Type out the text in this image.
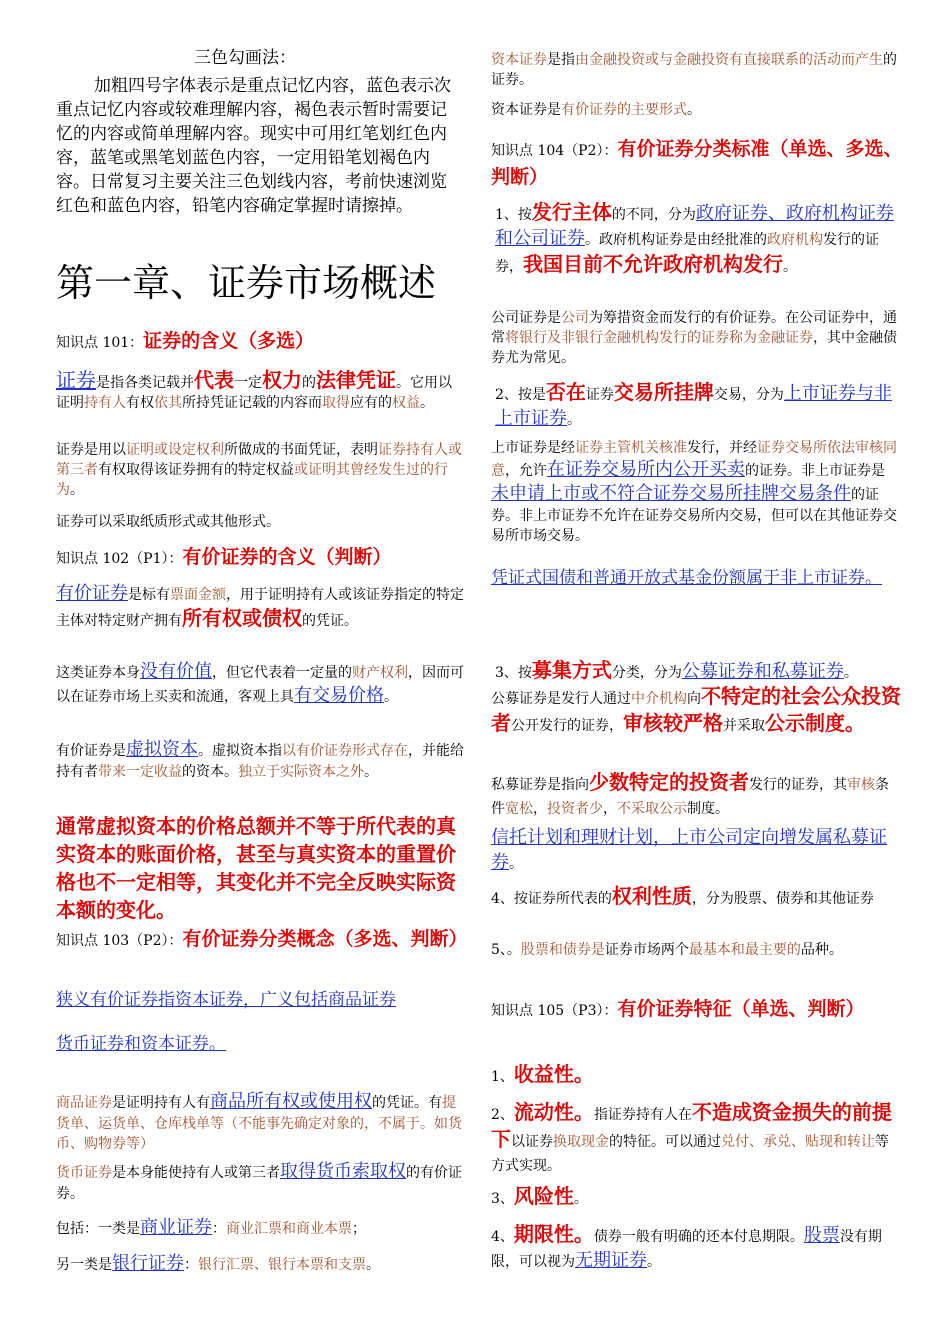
三色勾画法：

加粗四号字体表示是重点记忆内容，蓝色表示次重点记忆内容或较难理解内容，褐色表示暂时需要记忆的内容或简单理解内容。现实中可用红笔划红色内容，蓝笔或黑笔划蓝色内容，一定用铅笔划褐色内容。日常复习主要关注三色划线内容，考前快速浏览红色和蓝色内容，铅笔内容确定掌握时请擦掉。

第一章、证券市场概述

知识点 101：证券的含义（多选）

证券是指各类记载并代表一定权力的法律凭证。它用以证明持有人有权依其所持凭证记载的内容而取得应有的权益。

证券是用以证明或设定权利所做成的书面凭证，表明证券持有人或第三者有权取得该证券拥有的特定权益或证明其曾经发生过的行为。

证券可以采取纸质形式或其他形式。

知识点 102（P1）：有价证券的含义（判断）

有价证券是标有票面金额，用于证明持有人或该证券指定的特定主体对特定财产拥有所有权或债权的凭证。

这类证券本身没有价值，但它代表着一定量的财产权利，因而可以在证券市场上买卖和流通，客观上具有交易价格。

有价证券是虚拟资本。虚拟资本指以有价证券形式存在，并能给持有者带来一定收益的资本。独立于实际资本之外。

通常虚拟资本的价格总额并不等于所代表的真实资本的账面价格，甚至与真实资本的重置价格也不一定相等，其变化并不完全反映实际资本额的变化。

知识点 103（P2）：有价证券分类概念（多选、判断）

狭义有价证券指资本证券，广义包括商品证券

货币证券和资本证券。

商品证券是证明持有人有商品所有权或使用权的凭证。有提货单、运货单、仓库栈单等（不能事先确定对象的，不属于。如货币、购物券等）

货币证券是本身能使持有人或第三者取得货币索取权的有价证券。

包括：一类是商业证券：商业汇票和商业本票；

另一类是银行证券：银行汇票、银行本票和支票。

资本证券是指由金融投资或与金融投资有直接联系的活动而产生的证券。

资本证券是有价证券的主要形式。

知识点 104（P2）：有价证券分类标准（单选、多选、判断）

1、按发行主体的不同，分为政府证券、政府机构证券和公司证券。政府机构证券是由经批准的政府机构发行的证券，我国目前不允许政府机构发行。

公司证券是公司为筹措资金而发行的有价证券。在公司证券中，通常将银行及非银行金融机构发行的证券称为金融证券，其中金融债券尤为常见。

2、按是否在证券交易所挂牌交易，分为上市证券与非上市证券。

上市证券是经证券主管机关核准发行，并经证券交易所依法审核同意，允许在证券交易所内公开买卖的证券。非上市证券是未申请上市或不符合证券交易所挂牌交易条件的证券。非上市证券不允许在证券交易所内交易，但可以在其他证券交易所市场交易。

凭证式国债和普通开放式基金份额属于非上市证券。

3、按募集方式分类，分为公募证券和私募证券。

公募证券是发行人通过中介机构向不特定的社会公众投资者公开发行的证券，审核较严格并采取公示制度。

私募证券是指向少数特定的投资者发行的证券，其审核条件宽松，投资者少，不采取公示制度。

信托计划和理财计划，上市公司定向增发属私募证券。

4、按证券所代表的权利性质，分为股票、债券和其他证券

5、。股票和债券是证券市场两个最基本和最主要的品种。

知识点 105（P3）：有价证券特征（单选、判断）

1、收益性。

2、流动性。指证券持有人在不造成资金损失的前提下以证券换取现金的特征。可以通过兑付、承兑、贴现和转让等方式实现。

3、风险性。

4、期限性。债券一般有明确的还本付息期限。股票没有期限，可以视为无期证券。
